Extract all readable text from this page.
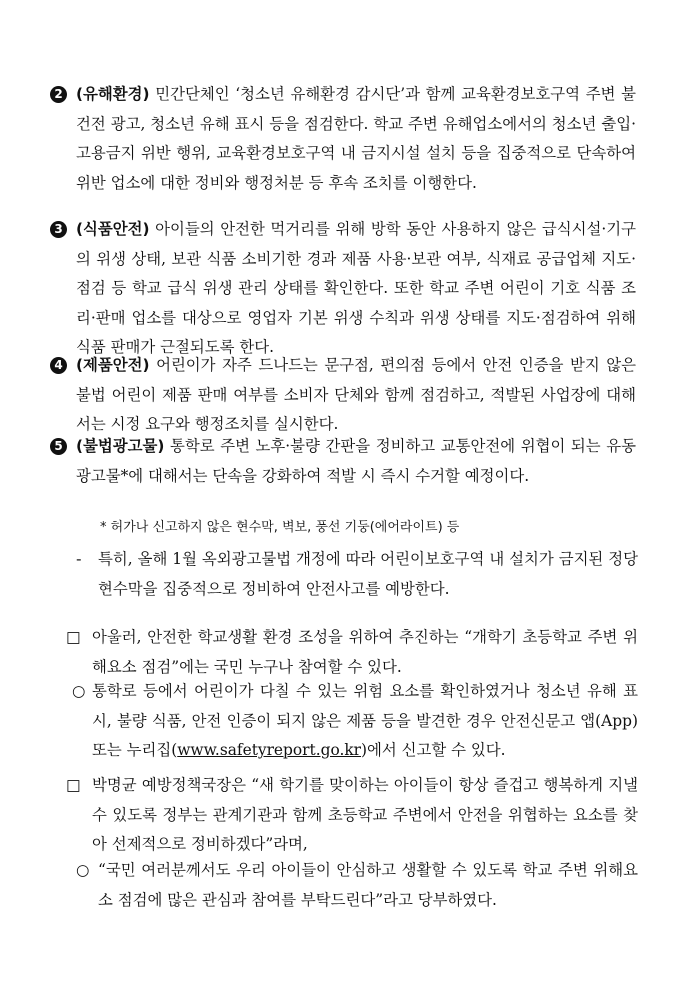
2 (유해환경) 민간단체인 ‘청소년 유해환경 감시단’과 함께 교육환경보호구역 주변 불건전 광고, 청소년 유해 표시 등을 점검한다. 학교 주변 유해업소에서의 청소년 출입·고용금지 위반 행위, 교육환경보호구역 내 금지시설 설치 등을 집중적으로 단속하여 위반 업소에 대한 정비와 행정처분 등 후속 조치를 이행한다.
3 (식품안전) 아이들의 안전한 먹거리를 위해 방학 동안 사용하지 않은 급식시설·기구의 위생 상태, 보관 식품 소비기한 경과 제품 사용·보관 여부, 식재료 공급업체 지도·점검 등 학교 급식 위생 관리 상태를 확인한다. 또한 학교 주변 어린이 기호 식품 조리·판매 업소를 대상으로 영업자 기본 위생 수칙과 위생 상태를 지도·점검하여 위해 식품 판매가 근절되도록 한다.
4 (제품안전) 어린이가 자주 드나드는 문구점, 편의점 등에서 안전 인증을 받지 않은 불법 어린이 제품 판매 여부를 소비자 단체와 함께 점검하고, 적발된 사업장에 대해서는 시정 요구와 행정조치를 실시한다.
5 (불법광고물) 통학로 주변 노후·불량 간판을 정비하고 교통안전에 위협이 되는 유동 광고물*에 대해서는 단속을 강화하여 적발 시 즉시 수거할 예정이다.
* 허가나 신고하지 않은 현수막, 벽보, 풍선 기둥(에어라이트) 등
- 특히, 올해 1월 옥외광고물법 개정에 따라 어린이보호구역 내 설치가 금지된 정당 현수막을 집중적으로 정비하여 안전사고를 예방한다.
□ 아울러, 안전한 학교생활 환경 조성을 위하여 추진하는 “개학기 초등학교 주변 위해요소 점검”에는 국민 누구나 참여할 수 있다.
○ 통학로 등에서 어린이가 다칠 수 있는 위험 요소를 확인하였거나 청소년 유해 표시, 불량 식품, 안전 인증이 되지 않은 제품 등을 발견한 경우 안전신문고 앱(App) 또는 누리집(www.safetyreport.go.kr)에서 신고할 수 있다.
□ 박명균 예방정책국장은 “새 학기를 맞이하는 아이들이 항상 즐겁고 행복하게 지낼 수 있도록 정부는 관계기관과 함께 초등학교 주변에서 안전을 위협하는 요소를 찾아 선제적으로 정비하겠다”라며,
○ “국민 여러분께서도 우리 아이들이 안심하고 생활할 수 있도록 학교 주변 위해요소 점검에 많은 관심과 참여를 부탁드린다”라고 당부하였다.
